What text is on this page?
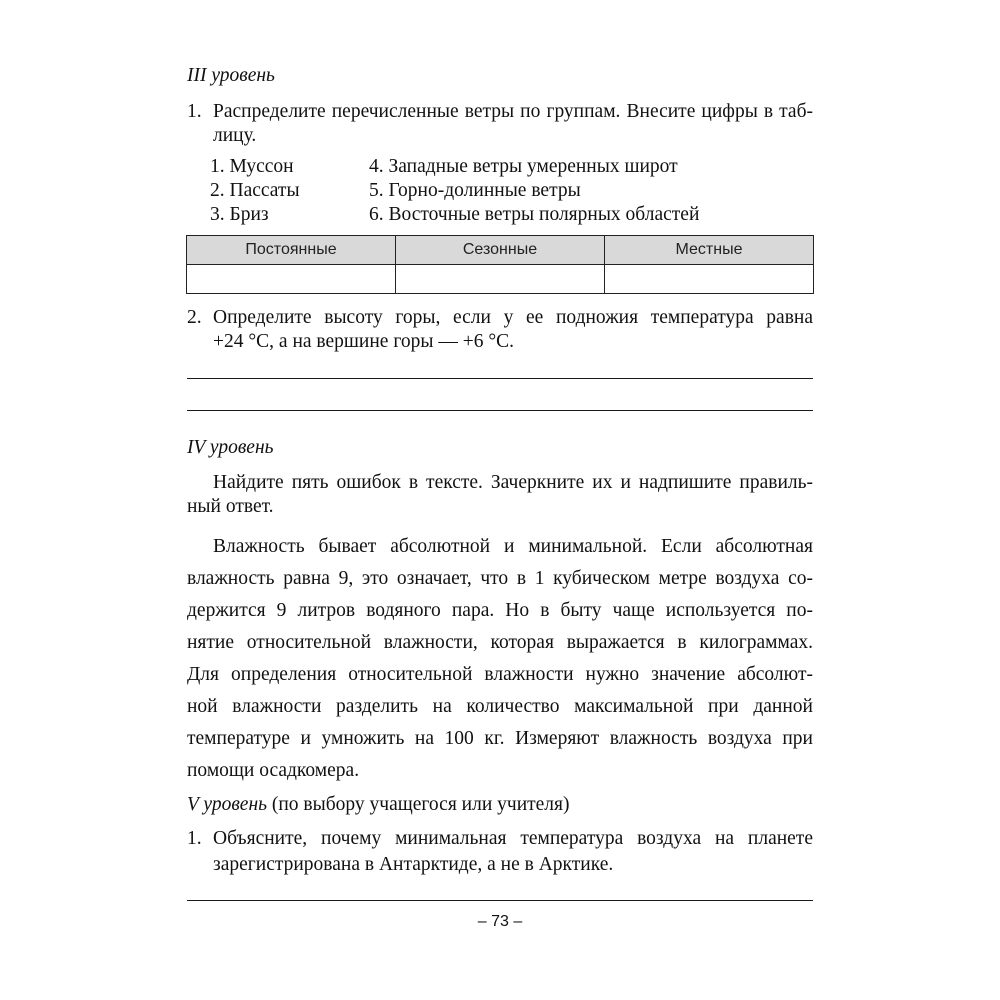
III уровень
1. Распределите перечисленные ветры по группам. Внесите цифры в таб-
лицу.
1. Муссон
2. Пассаты
3. Бриз
4. Западные ветры умеренных широт
5. Горно-долинные ветры
6. Восточные ветры полярных областей
Постоянные	Сезонные	Местные

2. Определите высоту горы, если у ее подножия температура равна
+24 °С, а на вершине горы — +6 °С.
IV уровень
Найдите пять ошибок в тексте. Зачеркните их и надпишите правиль-
ный ответ.
Влажность бывает абсолютной и минимальной. Если абсолютная
влажность равна 9, это означает, что в 1 кубическом метре воздуха со-
держится 9 литров водяного пара. Но в быту чаще используется по-
нятие относительной влажности, которая выражается в килограммах.
Для определения относительной влажности нужно значение абсолют-
ной влажности разделить на количество максимальной при данной
температуре и умножить на 100 кг. Измеряют влажность воздуха при
помощи осадкомера.
V уровень (по выбору учащегося или учителя)
1. Объясните, почему минимальная температура воздуха на планете
зарегистрирована в Антарктиде, а не в Арктике.
– 73 –
